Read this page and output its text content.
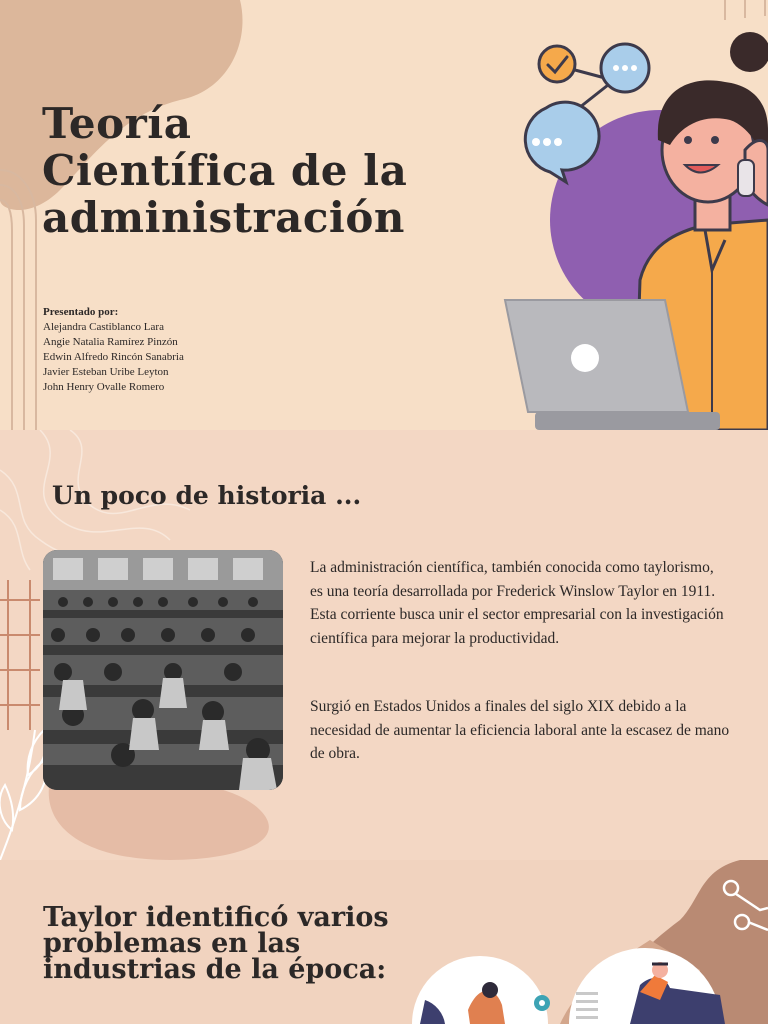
Teoría
Científica de la
administración
Presentado por:
Alejandra Castiblanco Lara
Angie Natalia Ramírez Pinzón
Edwin Alfredo Rincón Sanabria
Javier Esteban Uribe Leyton
John Henry Ovalle Romero
Un poco de historia ...

La administración científica, también conocida como taylorismo, es una teoría desarrollada por Frederick Winslow Taylor en 1911. Esta corriente busca unir el sector empresarial con la investigación científica para mejorar la productividad.

Surgió en Estados Unidos a finales del siglo XIX debido a la necesidad de aumentar la eficiencia laboral ante la escasez de mano de obra.

Taylor identificó varios
problemas en las
industrias de la época:
